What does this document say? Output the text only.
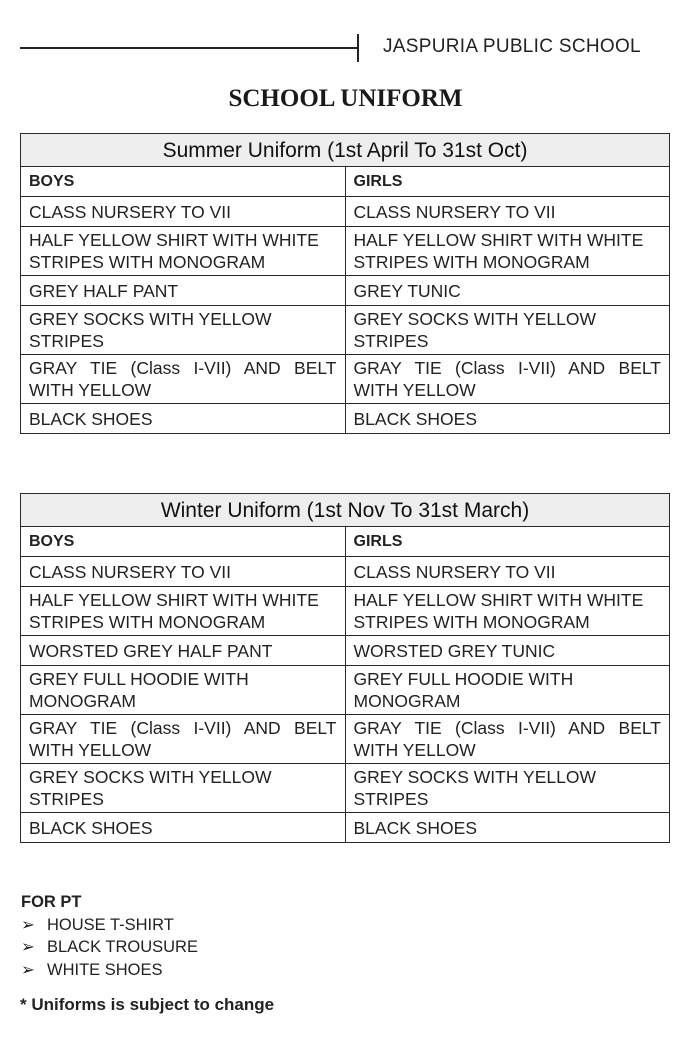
JASPURIA PUBLIC SCHOOL
SCHOOL UNIFORM
Summer Uniform (1st April To 31st Oct)	
BOYS	GIRLS
CLASS NURSERY TO VII	CLASS NURSERY TO VII
HALF YELLOW SHIRT WITH WHITE STRIPES WITH MONOGRAM	HALF YELLOW SHIRT WITH WHITE STRIPES WITH MONOGRAM
GREY HALF PANT	GREY TUNIC
GREY SOCKS WITH YELLOW STRIPES	GREY SOCKS WITH YELLOW STRIPES
GRAY TIE (Class I-VII) AND BELT WITH YELLOW	GRAY TIE (Class I-VII) AND BELT WITH YELLOW
BLACK SHOES	BLACK SHOES
Winter Uniform (1st Nov To 31st March)	
BOYS	GIRLS
CLASS NURSERY TO VII	CLASS NURSERY TO VII
HALF YELLOW SHIRT WITH WHITE STRIPES WITH MONOGRAM	HALF YELLOW SHIRT WITH WHITE STRIPES WITH MONOGRAM
WORSTED GREY HALF PANT	WORSTED GREY TUNIC
GREY FULL HOODIE WITH MONOGRAM	GREY FULL HOODIE WITH MONOGRAM
GRAY TIE (Class I-VII) AND BELT WITH YELLOW	GRAY TIE (Class I-VII) AND BELT WITH YELLOW
GREY SOCKS WITH YELLOW STRIPES	GREY SOCKS WITH YELLOW STRIPES
BLACK SHOES	BLACK SHOES
FOR PT
➢ HOUSE T-SHIRT
➢ BLACK TROUSURE
➢ WHITE SHOES
* Uniforms is subject to change
